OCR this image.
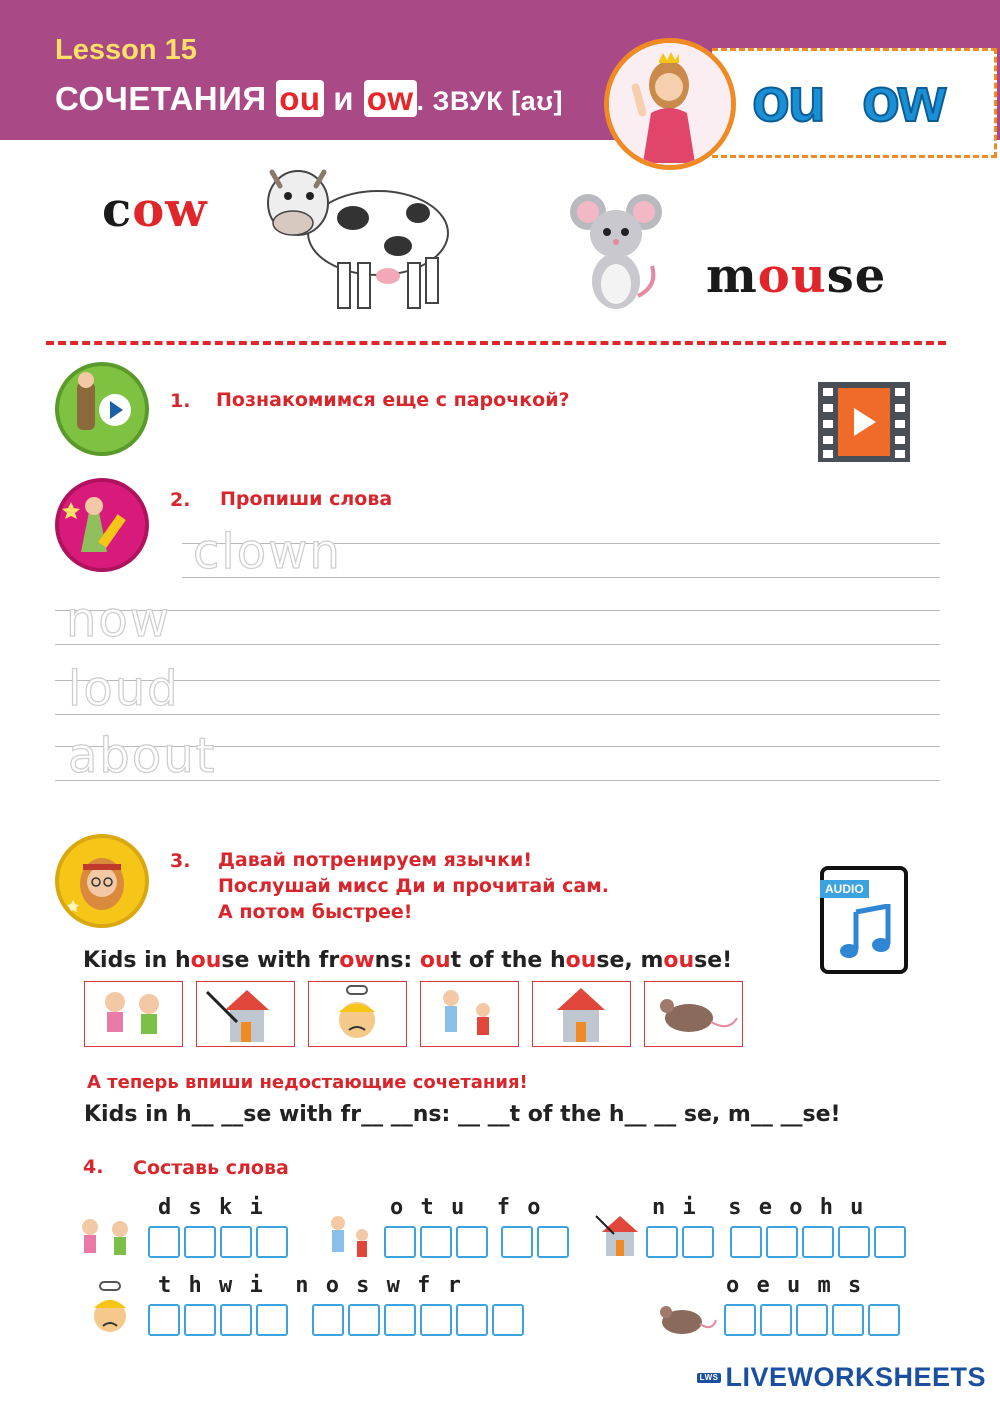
Lesson 15
СОЧЕТАНИЯ ou и ow . ЗВУК [aʊ]	ou ow
cow
mouse
1. Познакомимся еще с парочкой?
2. Пропиши слова
clown
now
loud
about
3. Давай потренируем язычки!
Послушай мисс Ди и прочитай сам.
А потом быстрее!
AUDIO
Kids in house with frowns: out of the house, mouse!
А теперь впиши недостающие сочетания!
Kids in h__ __se with fr__ __ns: __ __t of the h__ __ se, m__ __se!
4. Составь слова
d s k i	o t u  f o	n i  s e o h u
t h w i  n o s w f r	o e u m s
LWS LIVEWORKSHEETS
